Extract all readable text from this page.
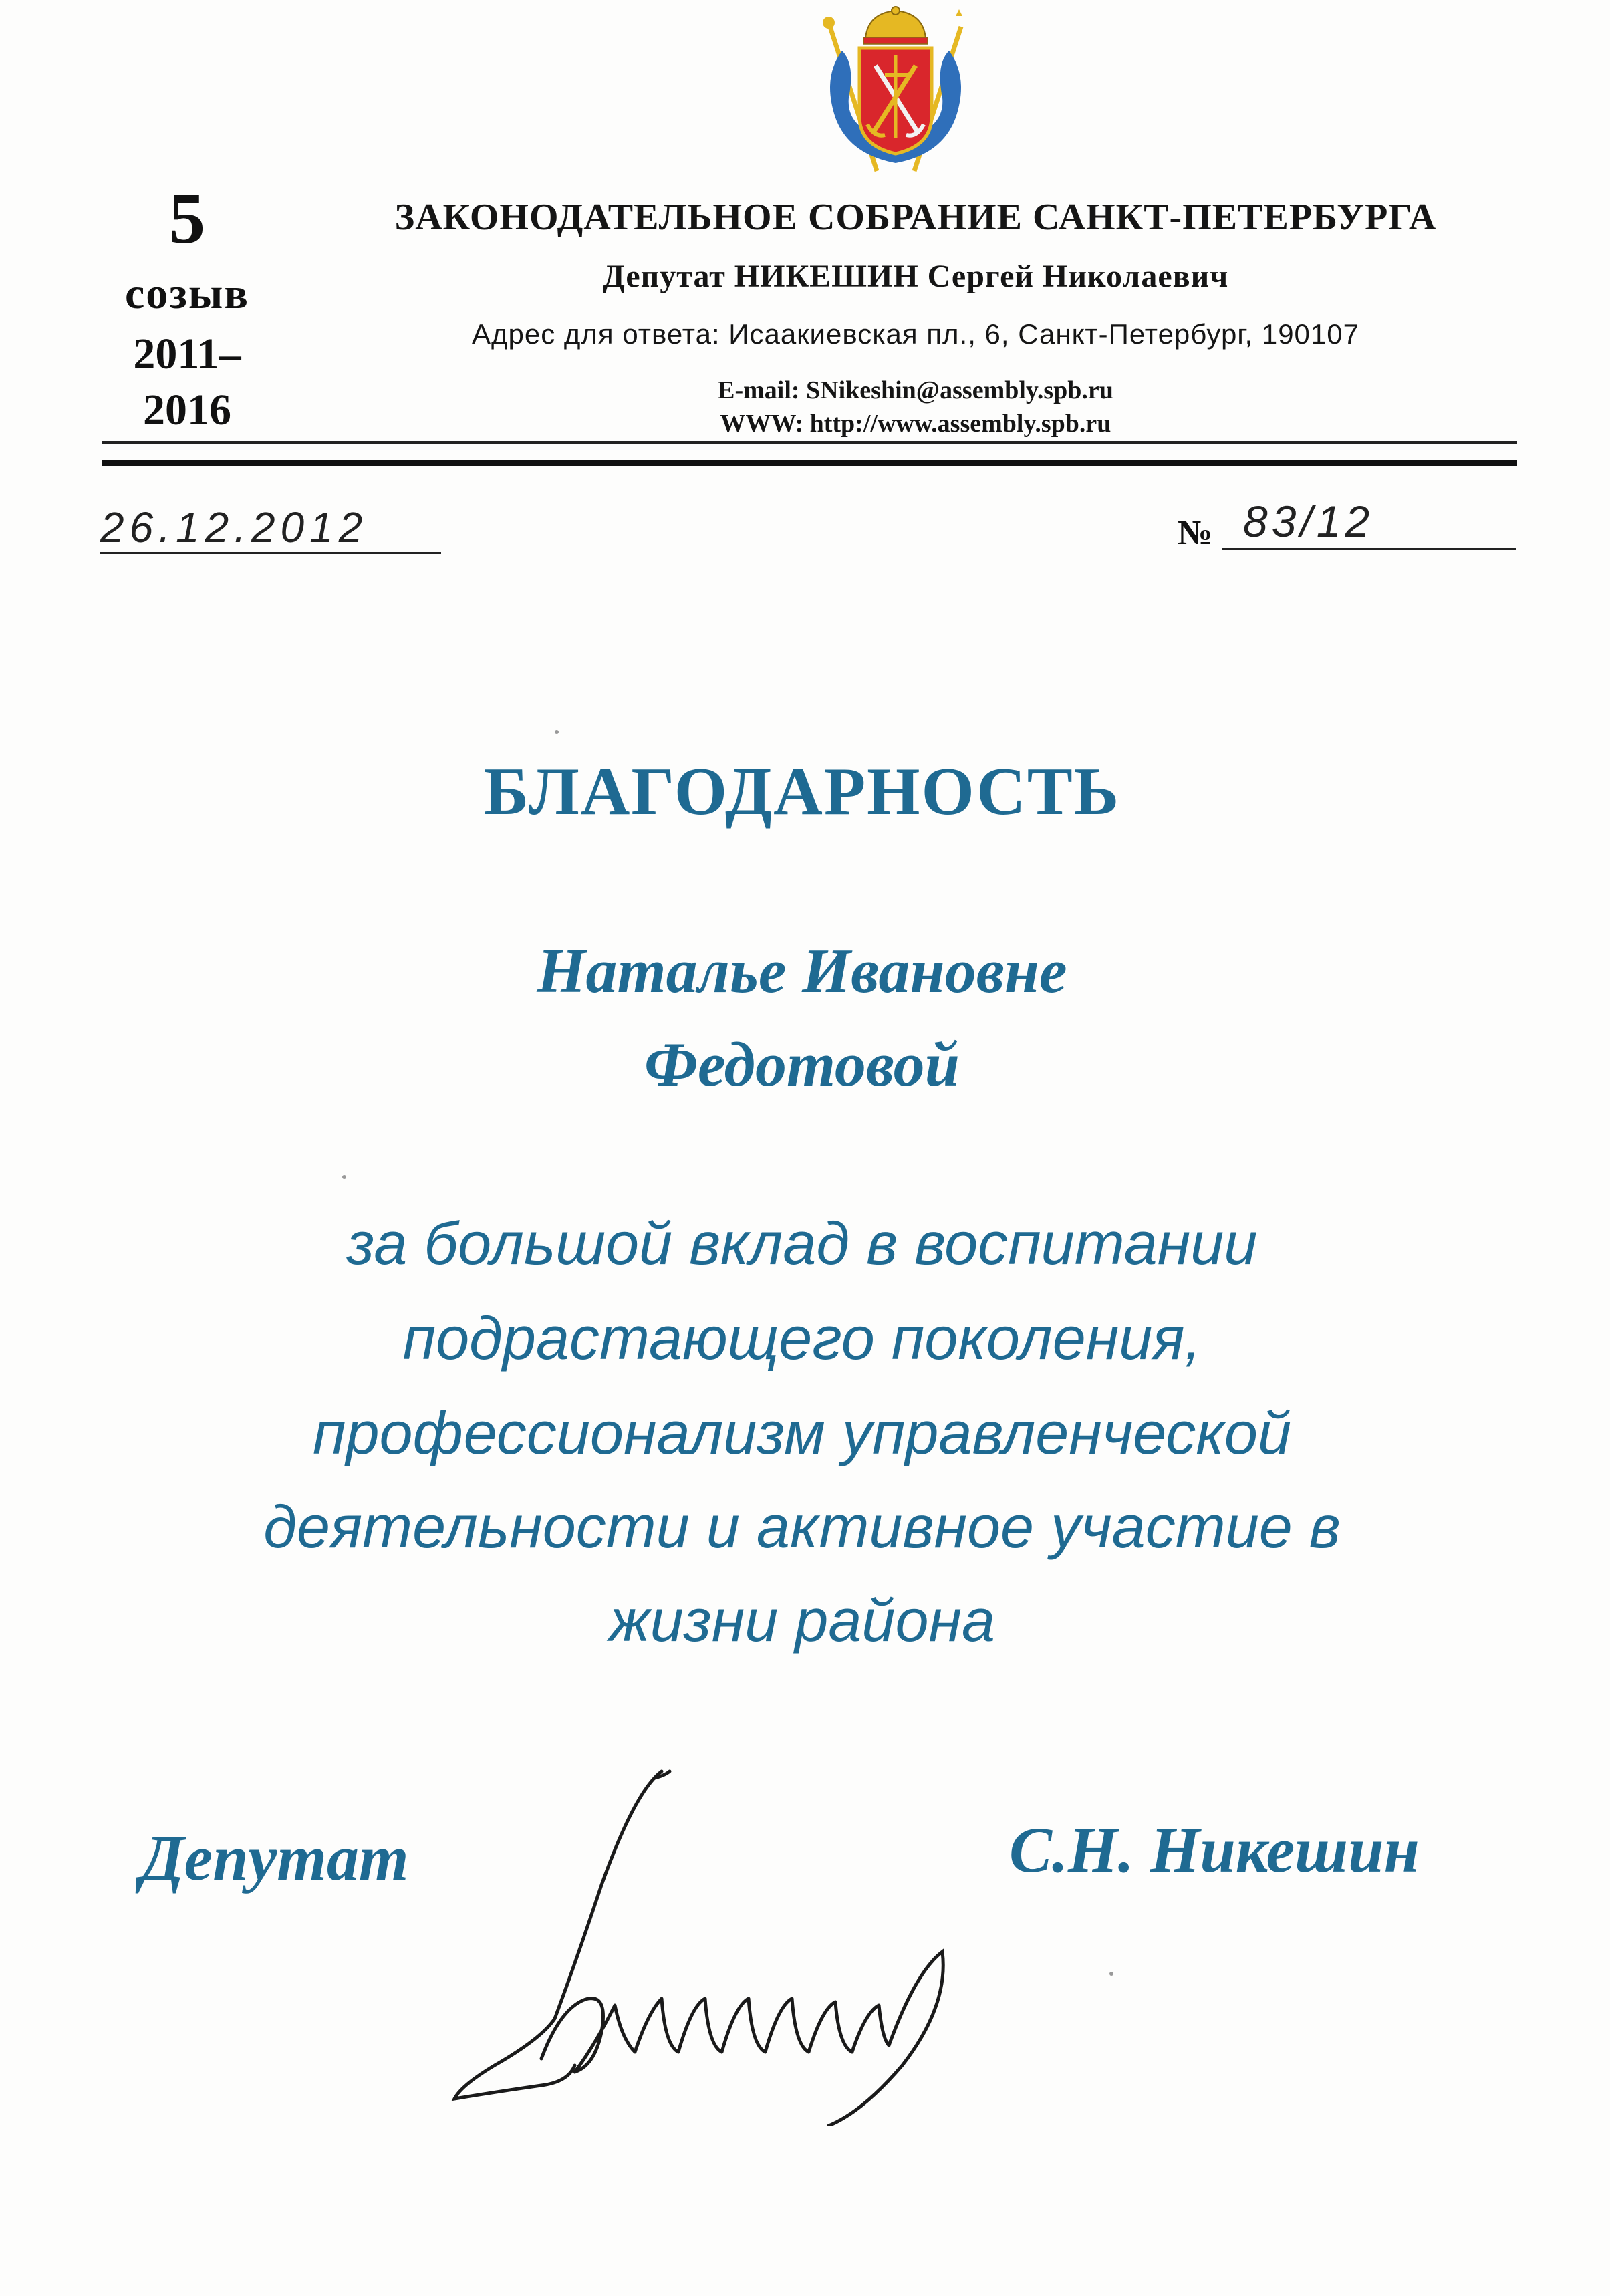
5
созыв
2011–
2016
ЗАКОНОДАТЕЛЬНОЕ СОБРАНИЕ САНКТ-ПЕТЕРБУРГА
Депутат НИКЕШИН Сергей Николаевич
Адрес для ответа: Исаакиевская пл., 6, Санкт-Петербург, 190107
E-mail: SNikeshin@assembly.spb.ru
WWW: http://www.assembly.spb.ru
26.12.2012	№ 83/12
БЛАГОДАРНОСТЬ
Наталье Ивановне
Федотовой
за большой вклад в воспитании
подрастающего поколения,
профессионализм управленческой
деятельности и активное участие в
жизни района
Депутат	С.Н. Никешин
